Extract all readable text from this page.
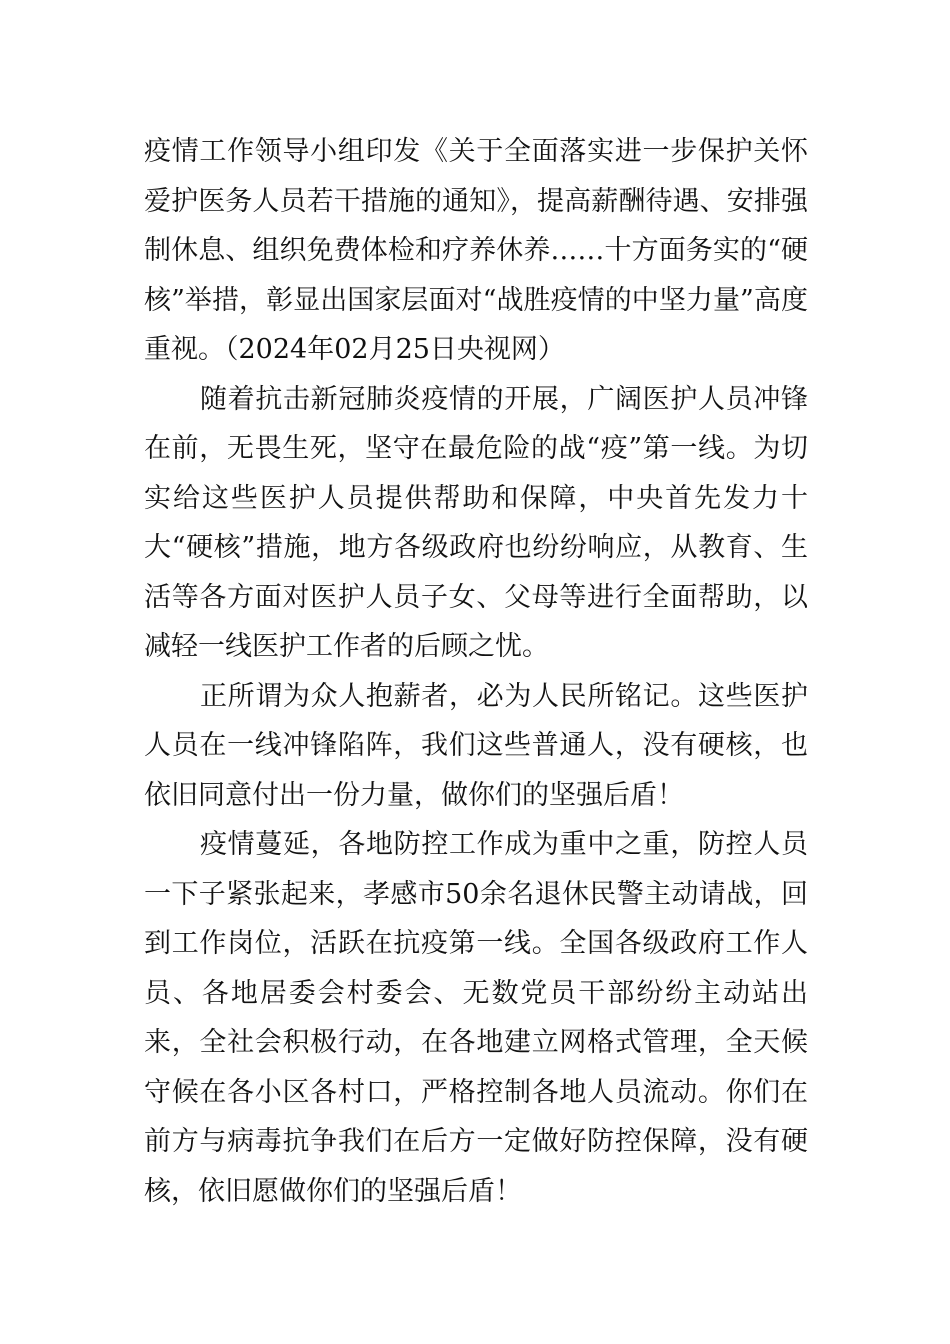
疫情工作领导小组印发《关于全面落实进一步保护关怀爱护医务人员若干措施的通知》，提高薪酬待遇、安排强制休息、组织免费体检和疗养休养……十方面务实的“硬核”举措，彰显出国家层面对“战胜疫情的中坚力量”高度重视。（2024年02月25日央视网）

随着抗击新冠肺炎疫情的开展，广阔医护人员冲锋在前，无畏生死，坚守在最危险的战“疫”第一线。为切实给这些医护人员提供帮助和保障，中央首先发力十大“硬核”措施，地方各级政府也纷纷响应，从教育、生活等各方面对医护人员子女、父母等进行全面帮助，以减轻一线医护工作者的后顾之忧。

正所谓为众人抱薪者，必为人民所铭记。这些医护人员在一线冲锋陷阵，我们这些普通人，没有硬核，也依旧同意付出一份力量，做你们的坚强后盾！

疫情蔓延，各地防控工作成为重中之重，防控人员一下子紧张起来，孝感市50余名退休民警主动请战，回到工作岗位，活跃在抗疫第一线。全国各级政府工作人员、各地居委会村委会、无数党员干部纷纷主动站出来，全社会积极行动，在各地建立网格式管理，全天候守候在各小区各村口，严格控制各地人员流动。你们在前方与病毒抗争我们在后方一定做好防控保障，没有硬核，依旧愿做你们的坚强后盾！
